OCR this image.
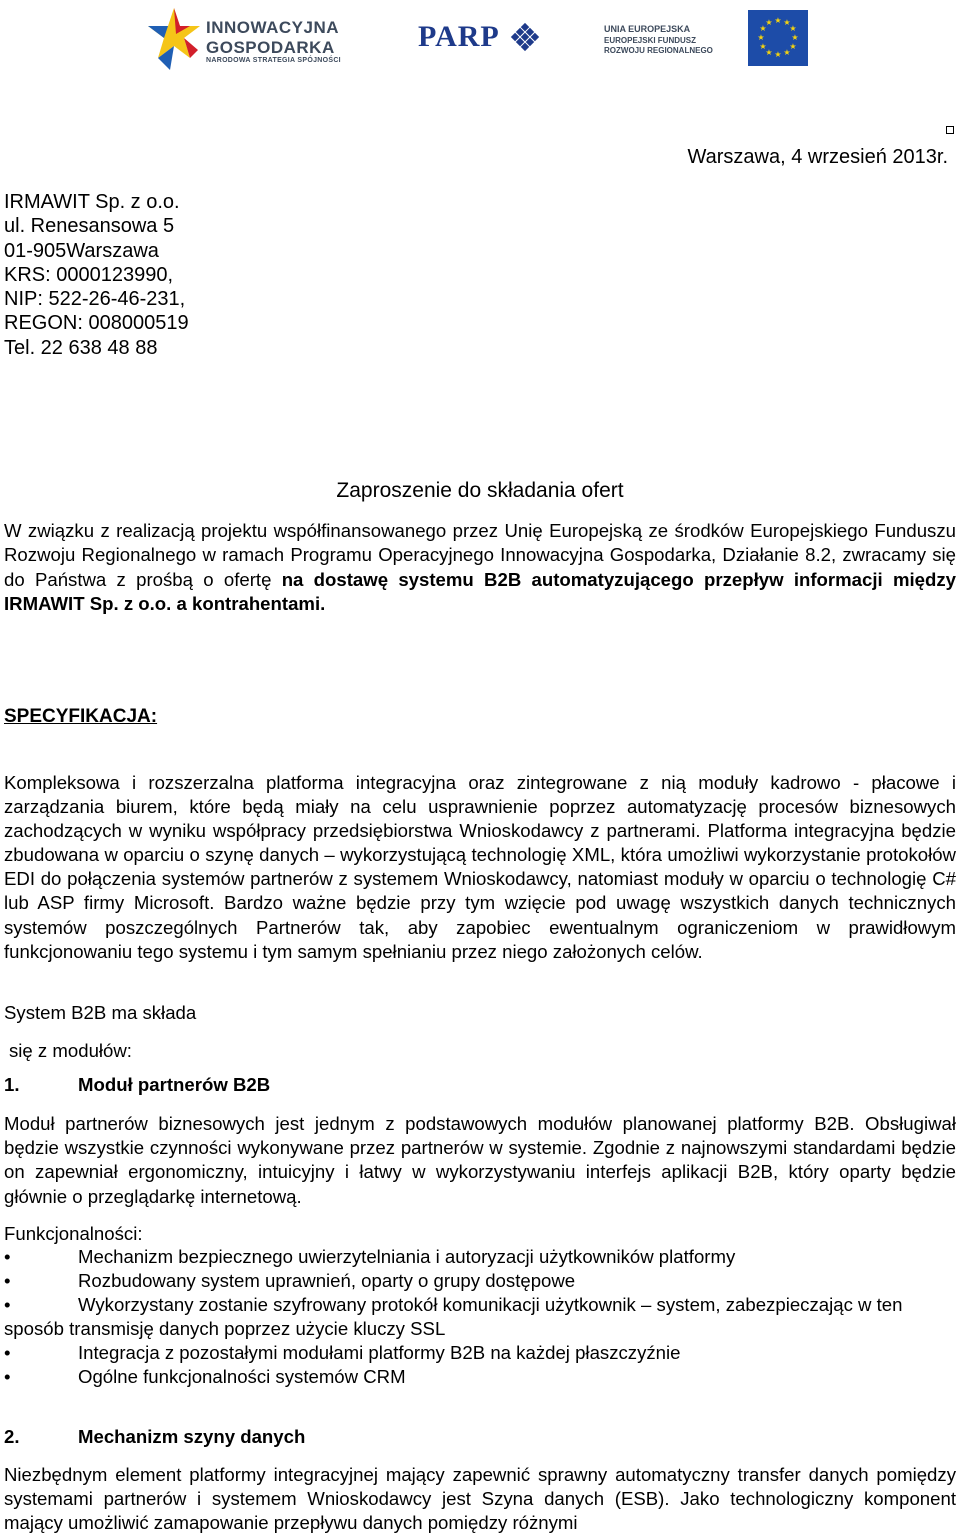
INNOWACYJNA
GOSPODARKA
NARODOWA STRATEGIA SPÓJNOŚCI
PARP	UNIA EUROPEJSKA
EUROPEJSKI FUNDUSZ
ROZWOJU REGIONALNEGO
★ ★
★
★
★
★
★
★
★
★
★
★
Warszawa, 4 wrzesień 2013r.
IRMAWIT Sp. z o.o.
ul. Renesansowa 5
01-905Warszawa
KRS: 0000123990,
NIP: 522-26-46-231,
REGON: 008000519
Tel. 22 638 48 88
Zaproszenie do składania ofert
W związku z realizacją projektu współfinansowanego przez Unię Europejską ze środków Europejskiego Funduszu Rozwoju Regionalnego w ramach Programu Operacyjnego Innowacyjna Gospodarka, Działanie 8.2, zwracamy się do Państwa z prośbą o ofertę na dostawę systemu B2B automatyzującego przepływ informacji między IRMAWIT Sp. z o.o. a kontrahentami.
SPECYFIKACJA:
Kompleksowa i rozszerzalna platforma integracyjna oraz zintegrowane z nią moduły kadrowo - płacowe i zarządzania biurem, które będą miały na celu usprawnienie poprzez automatyzację procesów biznesowych zachodzących w wyniku współpracy przedsiębiorstwa Wnioskodawcy z partnerami. Platforma integracyjna będzie zbudowana w oparciu o szynę danych – wykorzystującą technologię XML, która umożliwi wykorzystanie protokołów EDI do połączenia systemów partnerów z systemem Wnioskodawcy, natomiast moduły w oparciu o technologię C# lub ASP firmy Microsoft. Bardzo ważne będzie przy tym wzięcie pod uwagę wszystkich danych technicznych systemów poszczególnych Partnerów tak, aby zapobiec ewentualnym ograniczeniom w prawidłowym funkcjonowaniu tego systemu i tym samym spełnianiu przez niego założonych celów.
System B2B ma składa
się z modułów:
1.	Moduł partnerów B2B
Moduł partnerów biznesowych jest jednym z podstawowych modułów planowanej platformy B2B. Obsługiwał będzie wszystkie czynności wykonywane przez partnerów w systemie. Zgodnie z najnowszymi standardami będzie on zapewniał ergonomiczny, intuicyjny i łatwy w wykorzystywaniu interfejs aplikacji B2B, który oparty będzie głównie o przeglądarkę internetową.
Funkcjonalności:
•	Mechanizm bezpiecznego uwierzytelniania i autoryzacji użytkowników platformy
•	Rozbudowany system uprawnień, oparty o grupy dostępowe
•	Wykorzystany zostanie szyfrowany protokół komunikacji użytkownik – system, zabezpieczając w ten sposób transmisję danych poprzez użycie kluczy SSL
•	Integracja z pozostałymi modułami platformy B2B na każdej płaszczyźnie
•	Ogólne funkcjonalności systemów CRM
2.	Mechanizm szyny danych
Niezbędnym element platformy integracyjnej mający zapewnić sprawny automatyczny transfer danych pomiędzy systemami partnerów i systemem Wnioskodawcy jest Szyna danych (ESB). Jako technologiczny komponent mający umożliwić zamapowanie przepływu danych pomiędzy różnymi
